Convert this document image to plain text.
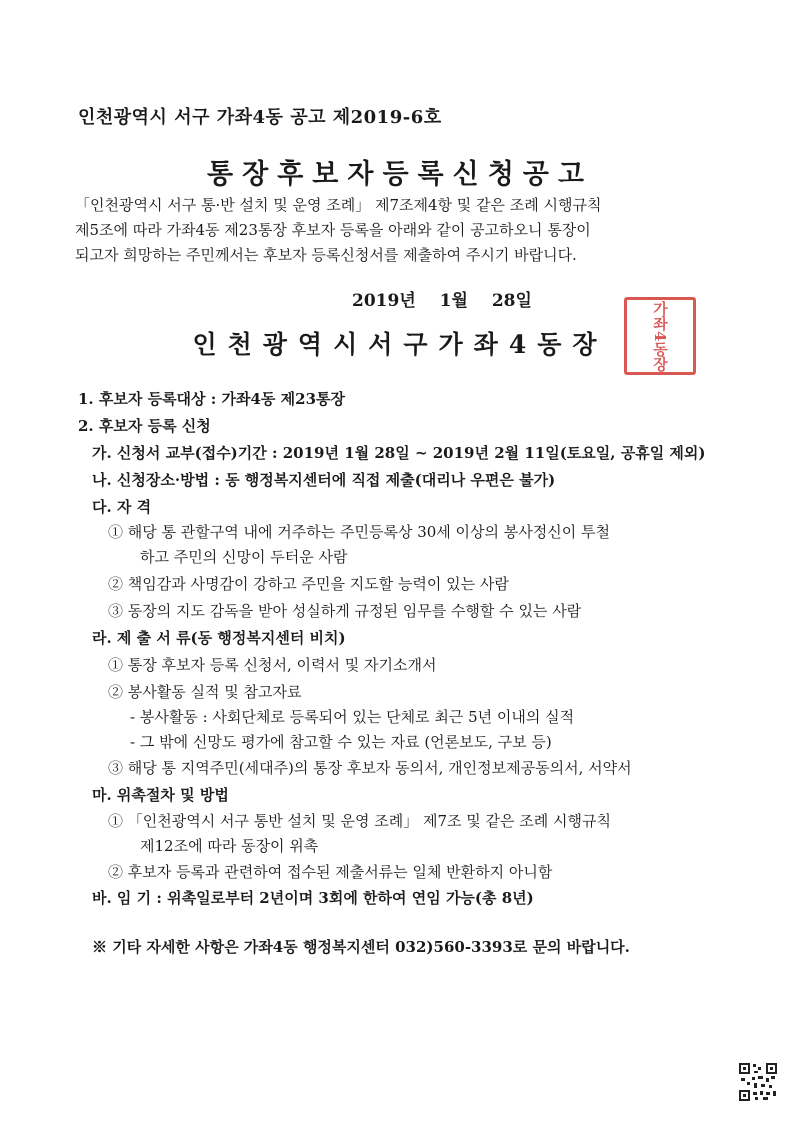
인천광역시 서구 가좌4동 공고 제2019-6호
통장후보자등록신청공고

「인천광역시 서구 통·반 설치 및 운영 조례」 제7조제4항 및 같은 조례 시행규칙

제5조에 따라 가좌4동 제23통장 후보자 등록을 아래와 같이 공고하오니 통장이

되고자 희망하는 주민께서는 후보자 등록신청서를 제출하여 주시기 바랍니다.

2019년 1월 28일
인천광역시서구가좌4동장	가좌4동장
1. 후보자 등록대상 : 가좌4동 제23통장
2. 후보자 등록 신청
가. 신청서 교부(접수)기간 : 2019년 1월 28일 ~ 2019년 2월 11일(토요일, 공휴일 제외)
나. 신청장소·방법 : 동 행정복지센터에 직접 제출(대리나 우편은 불가)
다. 자 격
① 해당 통 관할구역 내에 거주하는 주민등록상 30세 이상의 봉사정신이 투철
하고 주민의 신망이 두터운 사람
② 책임감과 사명감이 강하고 주민을 지도할 능력이 있는 사람
③ 동장의 지도 감독을 받아 성실하게 규정된 임무를 수행할 수 있는 사람
라. 제 출 서 류(동 행정복지센터 비치)
① 통장 후보자 등록 신청서, 이력서 및 자기소개서
② 봉사활동 실적 및 참고자료
- 봉사활동 : 사회단체로 등록되어 있는 단체로 최근 5년 이내의 실적
- 그 밖에 신망도 평가에 참고할 수 있는 자료 (언론보도, 구보 등)
③ 해당 통 지역주민(세대주)의 통장 후보자 동의서, 개인정보제공동의서, 서약서
마. 위촉절차 및 방법
① 「인천광역시 서구 통반 설치 및 운영 조례」 제7조 및 같은 조례 시행규칙
제12조에 따라 동장이 위촉
② 후보자 등록과 관련하여 접수된 제출서류는 일체 반환하지 아니함
바. 임 기 : 위촉일로부터 2년이며 3회에 한하여 연임 가능(총 8년)
※ 기타 자세한 사항은 가좌4동 행정복지센터 032)560-3393로 문의 바랍니다.
